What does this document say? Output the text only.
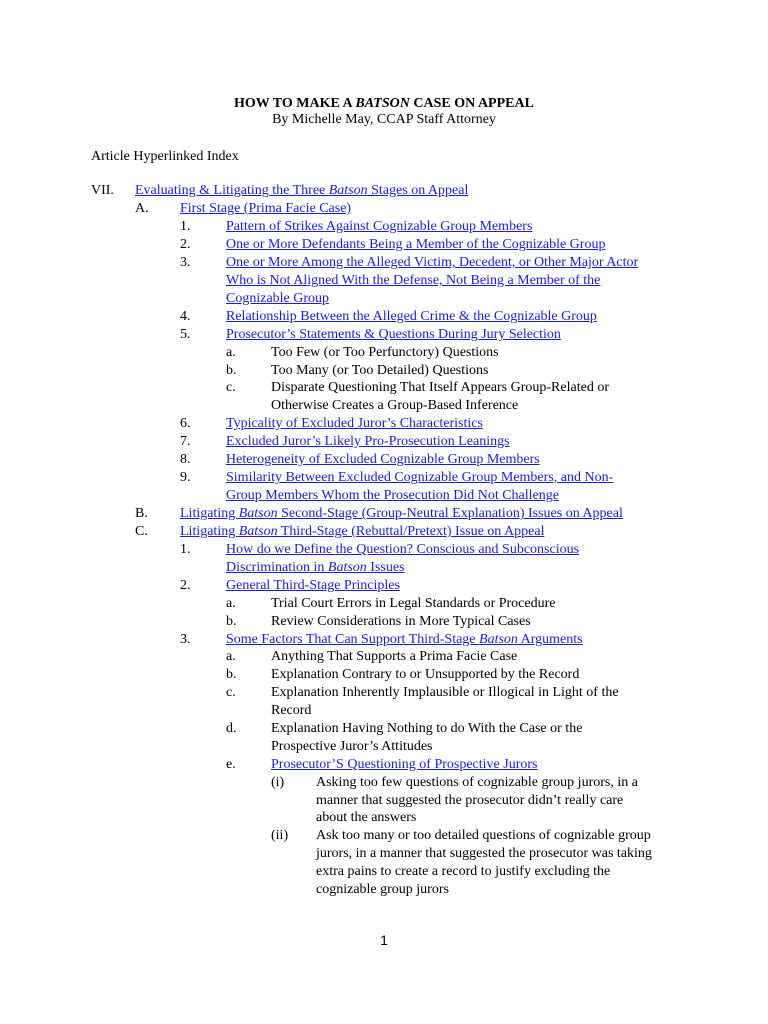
HOW TO MAKE A BATSON CASE ON APPEAL
By Michelle May, CCAP Staff Attorney
Article Hyperlinked Index
VII. Evaluating & Litigating the Three Batson Stages on Appeal
A. First Stage (Prima Facie Case)
1.	Pattern of Strikes Against Cognizable Group Members
2.	One or More Defendants Being a Member of the Cognizable Group
3.	One or More Among the Alleged Victim, Decedent, or Other Major Actor
Who is Not Aligned With the Defense, Not Being a Member of the
Cognizable Group
4.	Relationship Between the Alleged Crime & the Cognizable Group
5.	Prosecutor’s Statements & Questions During Jury Selection
a.	Too Few (or Too Perfunctory) Questions
b. Too Many (or Too Detailed) Questions
c.	Disparate Questioning That Itself Appears Group-Related or
Otherwise Creates a Group-Based Inference
6.	Typicality of Excluded Juror’s Characteristics
7.	Excluded Juror’s Likely Pro-Prosecution Leanings
8.	Heterogeneity of Excluded Cognizable Group Members
9.	Similarity Between Excluded Cognizable Group Members, and Non-
Group Members Whom the Prosecution Did Not Challenge
B. Litigating Batson Second-Stage (Group-Neutral Explanation) Issues on Appeal
C. Litigating Batson Third-Stage (Rebuttal/Pretext) Issue on Appeal
1.	How do we Define the Question? Conscious and Subconscious
Discrimination in Batson Issues
2.	General Third-Stage Principles
a.	Trial Court Errors in Legal Standards or Procedure
b. Review Considerations in More Typical Cases
3.	Some Factors That Can Support Third-Stage Batson Arguments
a.	Anything That Supports a Prima Facie Case
b. Explanation Contrary to or Unsupported by the Record
c.	Explanation Inherently Implausible or Illogical in Light of the
Record
d. Explanation Having Nothing to do With the Case or the
Prospective Juror’s Attitudes
e.	Prosecutor’S Questioning of Prospective Jurors
(i) Asking too few questions of cognizable group jurors, in a
manner that suggested the prosecutor didn’t really care
about the answers
(ii) Ask too many or too detailed questions of cognizable group
jurors, in a manner that suggested the prosecutor was taking
extra pains to create a record to justify excluding the
cognizable group jurors
1
